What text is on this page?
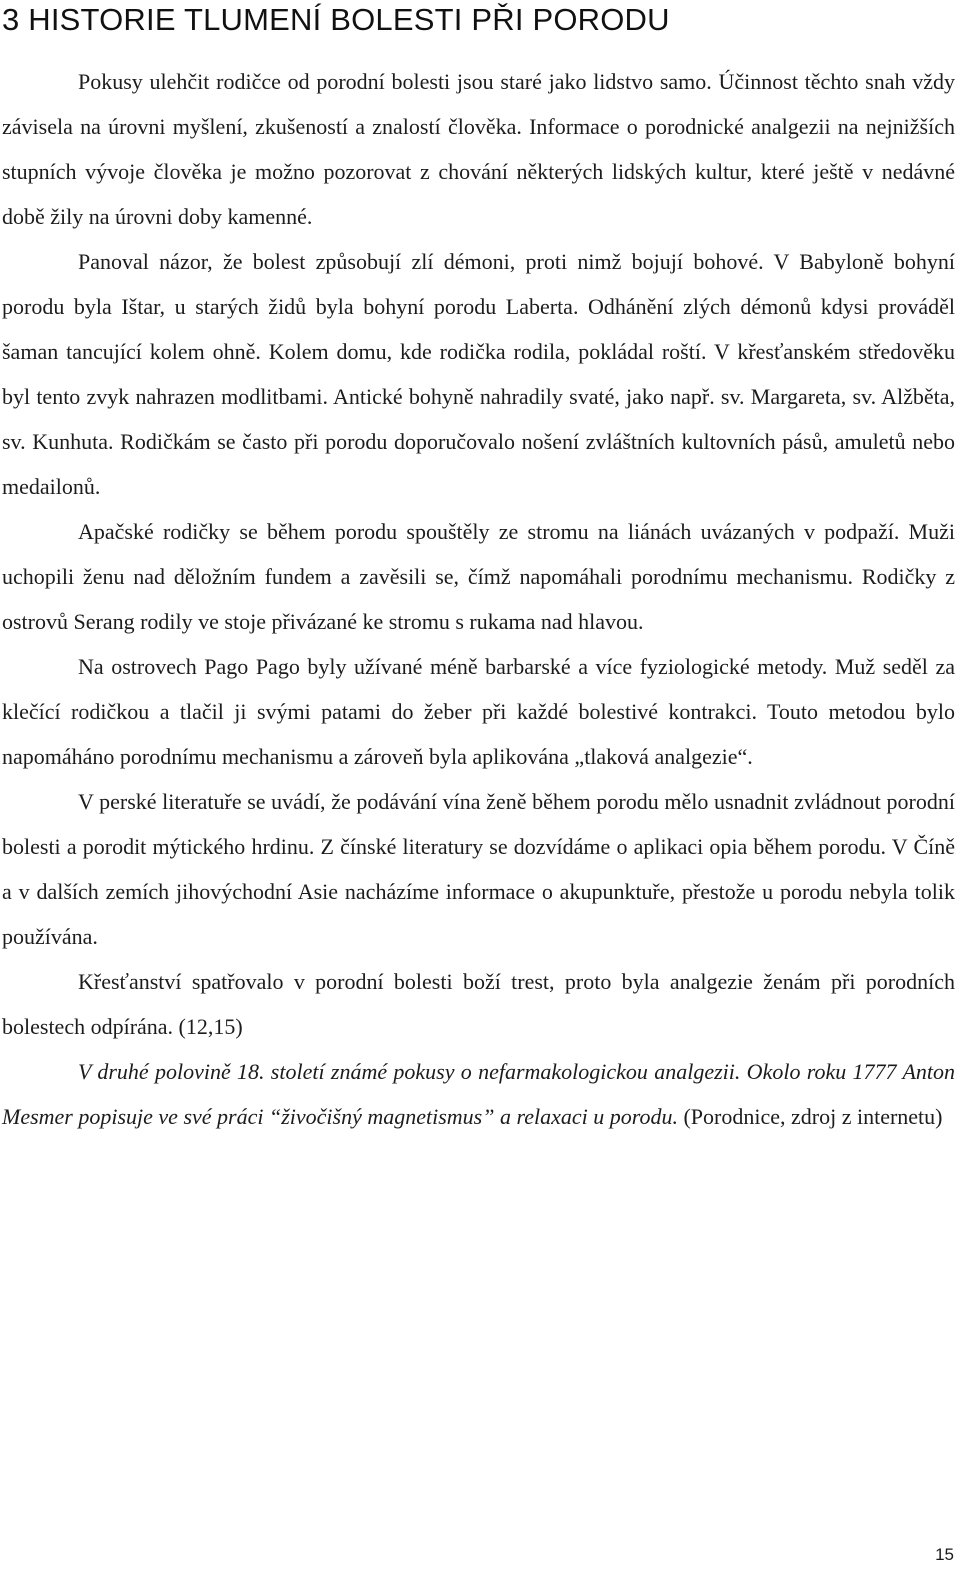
3 HISTORIE TLUMENÍ BOLESTI PŘI PORODU

Pokusy ulehčit rodičce od porodní bolesti jsou staré jako lidstvo samo. Účinnost těchto snah vždy závisela na úrovni myšlení, zkušeností a znalostí člověka. Informace o porodnické analgezii na nejnižších stupních vývoje člověka je možno pozorovat z chování některých lidských kultur, které ještě v nedávné době žily na úrovni doby kamenné.

Panoval názor, že bolest způsobují zlí démoni, proti nimž bojují bohové. V Babyloně bohyní porodu byla Ištar, u starých židů byla bohyní porodu Laberta. Odhánění zlých démonů kdysi prováděl šaman tancující kolem ohně. Kolem domu, kde rodička rodila, pokládal roští. V křesťanském středověku byl tento zvyk nahrazen modlitbami. Antické bohyně nahradily svaté, jako např. sv. Margareta, sv. Alžběta, sv. Kunhuta. Rodičkám se často při porodu doporučovalo nošení zvláštních kultovních pásů, amuletů nebo medailonů.

Apačské rodičky se během porodu spouštěly ze stromu na liánách uvázaných v podpaží. Muži uchopili ženu nad děložním fundem a zavěsili se, čímž napomáhali porodnímu mechanismu. Rodičky z ostrovů Serang rodily ve stoje přivázané ke stromu s rukama nad hlavou.

Na ostrovech Pago Pago byly užívané méně barbarské a více fyziologické metody. Muž seděl za klečící rodičkou a tlačil ji svými patami do žeber při každé bolestivé kontrakci. Touto metodou bylo napomáháno porodnímu mechanismu a zároveň byla aplikována „tlaková analgezie“.

V perské literatuře se uvádí, že podávání vína ženě během porodu mělo usnadnit zvládnout porodní bolesti a porodit mýtického hrdinu. Z čínské literatury se dozvídáme o aplikaci opia během porodu. V Číně a v dalších zemích jihovýchodní Asie nacházíme informace o akupunktuře, přestože u porodu nebyla tolik používána.

Křesťanství spatřovalo v porodní bolesti boží trest, proto byla analgezie ženám při porodních bolestech odpírána. (12,15)

V druhé polovině 18. století známé pokusy o nefarmakologickou analgezii. Okolo roku 1777 Anton Mesmer popisuje ve své práci “živočišný magnetismus” a relaxaci u porodu. (Porodnice, zdroj z internetu)

15
